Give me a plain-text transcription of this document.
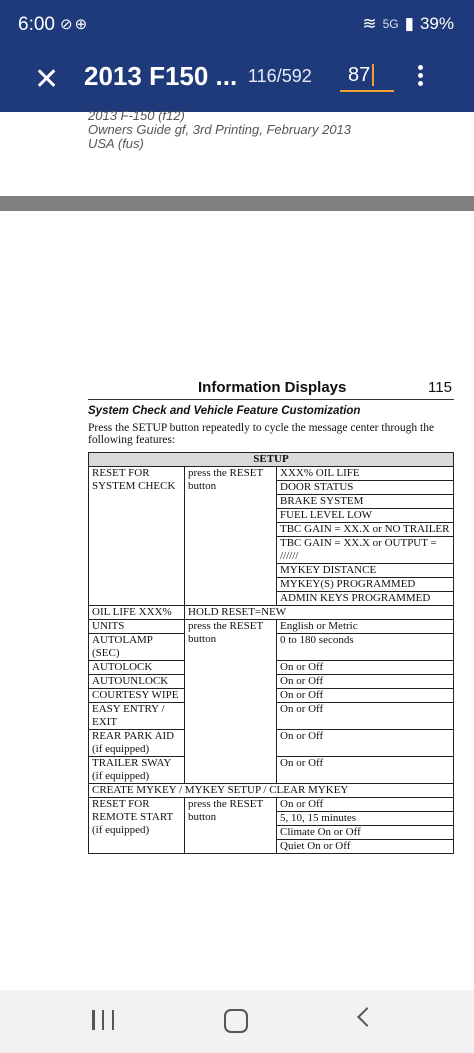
6:00 ⊘⊕	≋ 5G ▮ 39%
✕ 2013 F150 ... 116/592
87
2013 F-150 (f12)
Owners Guide gf, 3rd Printing, February 2013
USA (fus)
Information Displays	115
System Check and Vehicle Feature Customization
Press the SETUP button repeatedly to cycle the message center through the following features:
SETUP		
RESET FOR SYSTEM CHECK	press the RESET button	XXX% OIL LIFE
		DOOR STATUS
		BRAKE SYSTEM
		FUEL LEVEL LOW
		TBC GAIN = XX.X or NO TRAILER
		TBC GAIN = XX.X or OUTPUT = //////
		MYKEY DISTANCE
		MYKEY(S) PROGRAMMED
		ADMIN KEYS PROGRAMMED
OIL LIFE XXX%	HOLD RESET=NEW	
UNITS	press the RESET button	English or Metric
AUTOLAMP (SEC)		0 to 180 seconds
AUTOLOCK		On or Off
AUTOUNLOCK		On or Off
COURTESY WIPE		On or Off
EASY ENTRY / EXIT		On or Off
REAR PARK AID (if equipped)		On or Off
TRAILER SWAY (if equipped)		On or Off
CREATE MYKEY / MYKEY SETUP / CLEAR MYKEY		
RESET FOR REMOTE START (if equipped)	press the RESET button	On or Off
		5, 10, 15 minutes
		Climate On or Off
		Quiet On or Off
